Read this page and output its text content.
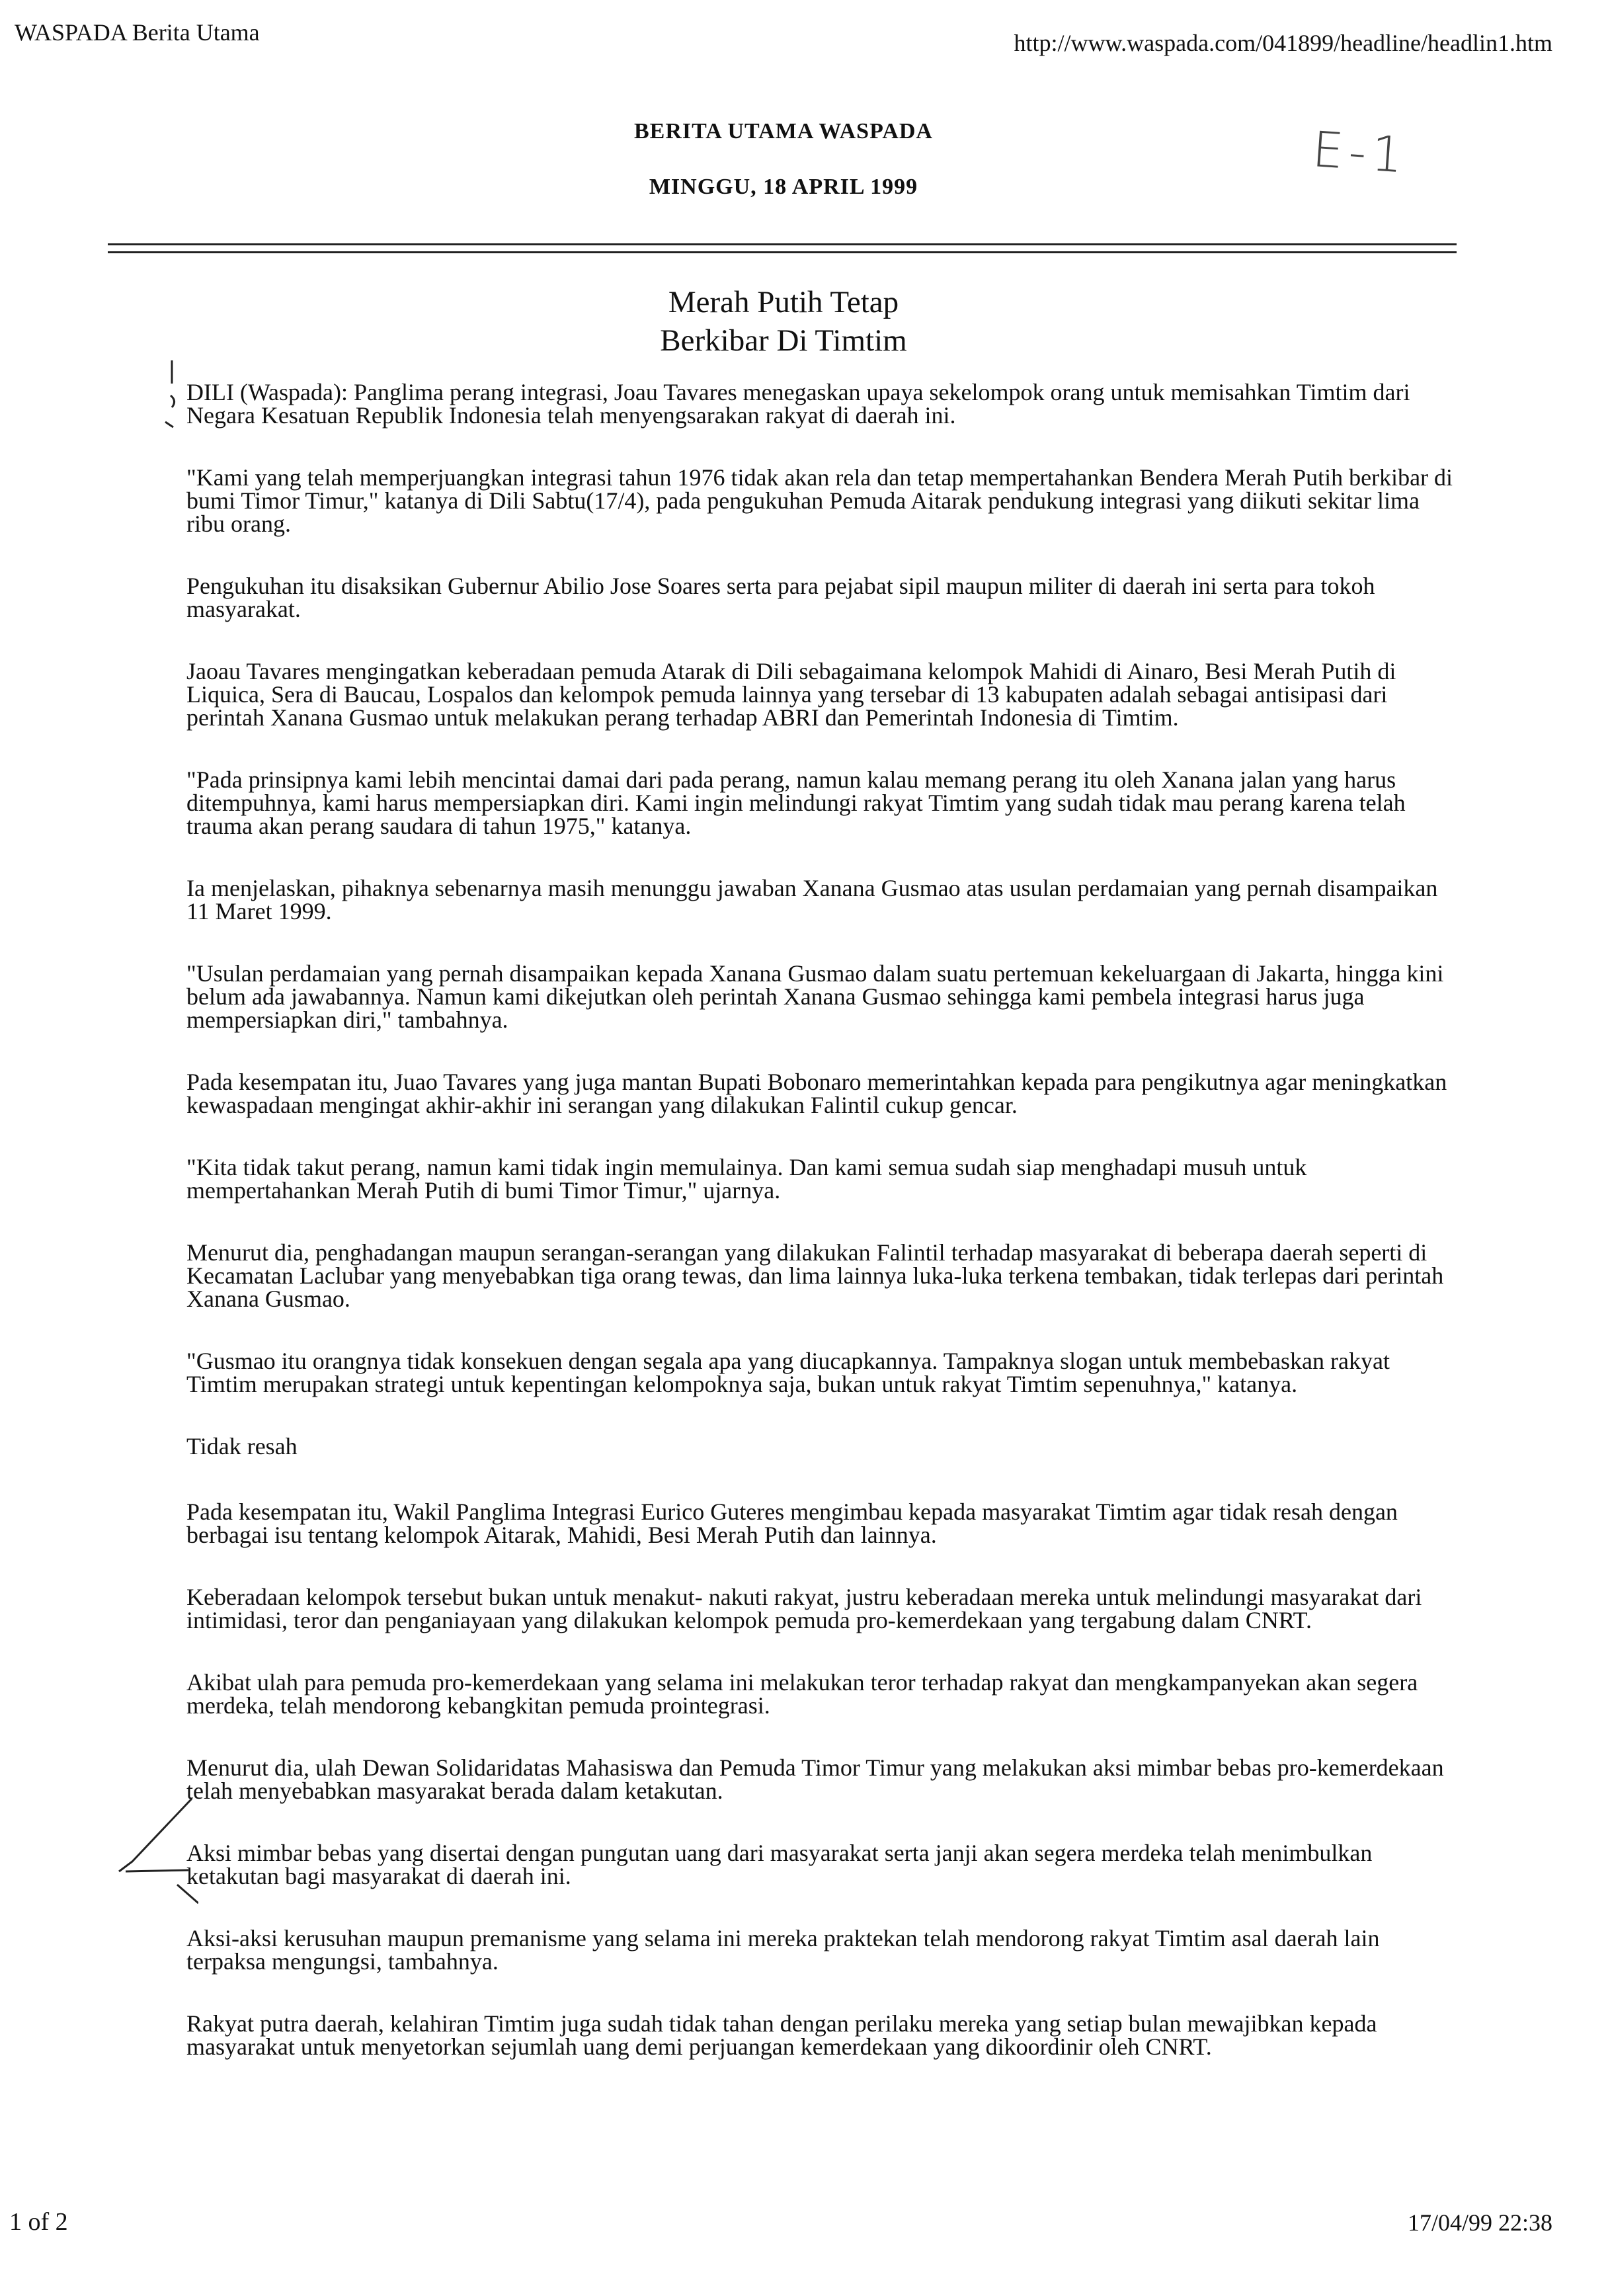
WASPADA Berita Utama	http://www.waspada.com/041899/headline/headlin1.htm
BERITA UTAMA WASPADA
MINGGU, 18 APRIL 1999
E-1
Merah Putih Tetap
Berkibar Di Timtim

DILI (Waspada): Panglima perang integrasi, Joau Tavares menegaskan upaya sekelompok orang untuk memisahkan Timtim dari Negara Kesatuan Republik Indonesia telah menyengsarakan rakyat di daerah ini.

"Kami yang telah memperjuangkan integrasi tahun 1976 tidak akan rela dan tetap mempertahankan Bendera Merah Putih berkibar di bumi Timor Timur," katanya di Dili Sabtu(17/4), pada pengukuhan Pemuda Aitarak pendukung integrasi yang diikuti sekitar lima ribu orang.

Pengukuhan itu disaksikan Gubernur Abilio Jose Soares serta para pejabat sipil maupun militer di daerah ini serta para tokoh masyarakat.

Jaoau Tavares mengingatkan keberadaan pemuda Atarak di Dili sebagaimana kelompok Mahidi di Ainaro, Besi Merah Putih di Liquica, Sera di Baucau, Lospalos dan kelompok pemuda lainnya yang tersebar di 13 kabupaten adalah sebagai antisipasi dari perintah Xanana Gusmao untuk melakukan perang terhadap ABRI dan Pemerintah Indonesia di Timtim.

"Pada prinsipnya kami lebih mencintai damai dari pada perang, namun kalau memang perang itu oleh Xanana jalan yang harus ditempuhnya, kami harus mempersiapkan diri. Kami ingin melindungi rakyat Timtim yang sudah tidak mau perang karena telah trauma akan perang saudara di tahun 1975," katanya.

Ia menjelaskan, pihaknya sebenarnya masih menunggu jawaban Xanana Gusmao atas usulan perdamaian yang pernah disampaikan 11 Maret 1999.

"Usulan perdamaian yang pernah disampaikan kepada Xanana Gusmao dalam suatu pertemuan kekeluargaan di Jakarta, hingga kini belum ada jawabannya. Namun kami dikejutkan oleh perintah Xanana Gusmao sehingga kami pembela integrasi harus juga mempersiapkan diri," tambahnya.

Pada kesempatan itu, Juao Tavares yang juga mantan Bupati Bobonaro memerintahkan kepada para pengikutnya agar meningkatkan kewaspadaan mengingat akhir-akhir ini serangan yang dilakukan Falintil cukup gencar.

"Kita tidak takut perang, namun kami tidak ingin memulainya. Dan kami semua sudah siap menghadapi musuh untuk mempertahankan Merah Putih di bumi Timor Timur," ujarnya.

Menurut dia, penghadangan maupun serangan-serangan yang dilakukan Falintil terhadap masyarakat di beberapa daerah seperti di Kecamatan Laclubar yang menyebabkan tiga orang tewas, dan lima lainnya luka-luka terkena tembakan, tidak terlepas dari perintah Xanana Gusmao.

"Gusmao itu orangnya tidak konsekuen dengan segala apa yang diucapkannya. Tampaknya slogan untuk membebaskan rakyat Timtim merupakan strategi untuk kepentingan kelompoknya saja, bukan untuk rakyat Timtim sepenuhnya," katanya.

Tidak resah

Pada kesempatan itu, Wakil Panglima Integrasi Eurico Guteres mengimbau kepada masyarakat Timtim agar tidak resah dengan berbagai isu tentang kelompok Aitarak, Mahidi, Besi Merah Putih dan lainnya.

Keberadaan kelompok tersebut bukan untuk menakut- nakuti rakyat, justru keberadaan mereka untuk melindungi masyarakat dari intimidasi, teror dan penganiayaan yang dilakukan kelompok pemuda pro-kemerdekaan yang tergabung dalam CNRT.

Akibat ulah para pemuda pro-kemerdekaan yang selama ini melakukan teror terhadap rakyat dan mengkampanyekan akan segera merdeka, telah mendorong kebangkitan pemuda prointegrasi.

Menurut dia, ulah Dewan Solidaridatas Mahasiswa dan Pemuda Timor Timur yang melakukan aksi mimbar bebas pro-kemerdekaan telah menyebabkan masyarakat berada dalam ketakutan.

Aksi mimbar bebas yang disertai dengan pungutan uang dari masyarakat serta janji akan segera merdeka telah menimbulkan ketakutan bagi masyarakat di daerah ini.

Aksi-aksi kerusuhan maupun premanisme yang selama ini mereka praktekan telah mendorong rakyat Timtim asal daerah lain terpaksa mengungsi, tambahnya.

Rakyat putra daerah, kelahiran Timtim juga sudah tidak tahan dengan perilaku mereka yang setiap bulan mewajibkan kepada masyarakat untuk menyetorkan sejumlah uang demi perjuangan kemerdekaan yang dikoordinir oleh CNRT.

1 of 2	17/04/99 22:38
